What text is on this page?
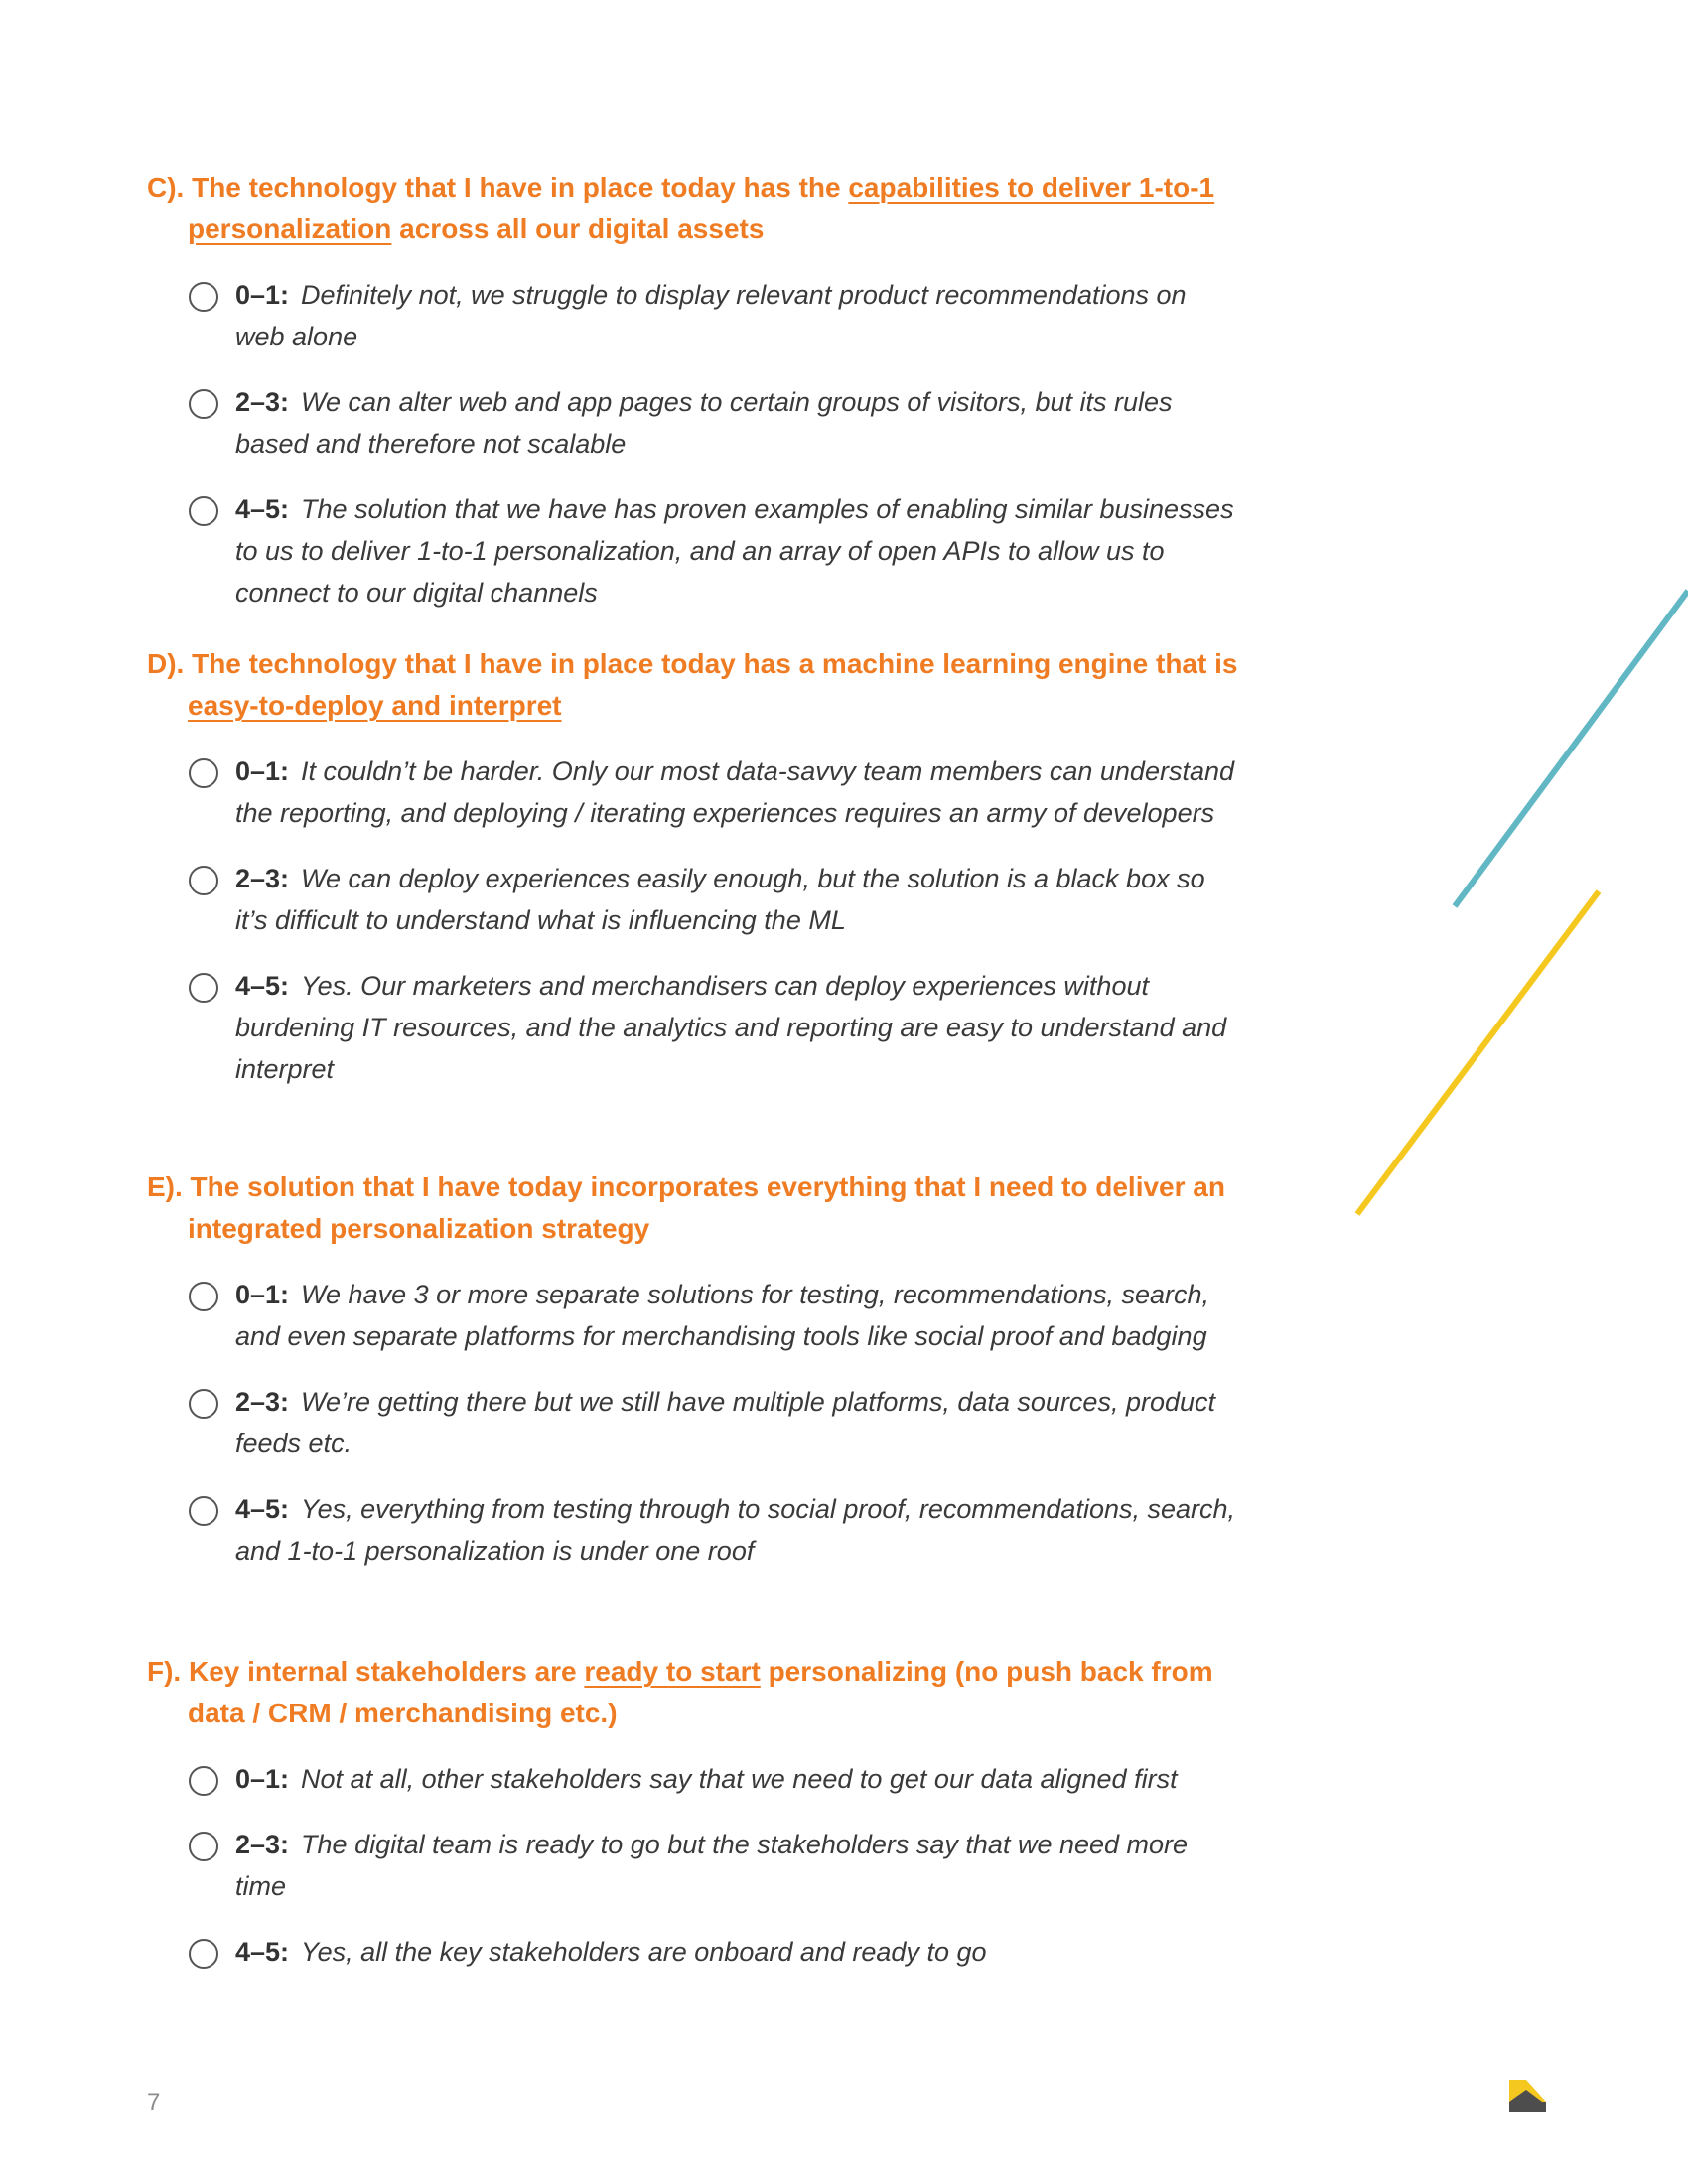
C). The technology that I have in place today has the capabilities to deliver 1-to-1 personalization across all our digital assets
0–1: Definitely not, we struggle to display relevant product recommendations on web alone
2–3: We can alter web and app pages to certain groups of visitors, but its rules based and therefore not scalable
4–5: The solution that we have has proven examples of enabling similar businesses to us to deliver 1-to-1 personalization, and an array of open APIs to allow us to connect to our digital channels
D). The technology that I have in place today has a machine learning engine that is easy-to-deploy and interpret
0–1: It couldn’t be harder. Only our most data-savvy team members can understand the reporting, and deploying / iterating experiences requires an army of developers
2–3: We can deploy experiences easily enough, but the solution is a black box so it’s difficult to understand what is influencing the ML
4–5: Yes. Our marketers and merchandisers can deploy experiences without burdening IT resources, and the analytics and reporting are easy to understand and interpret
E). The solution that I have today incorporates everything that I need to deliver an integrated personalization strategy
0–1: We have 3 or more separate solutions for testing, recommendations, search, and even separate platforms for merchandising tools like social proof and badging
2–3: We’re getting there but we still have multiple platforms, data sources, product feeds etc.
4–5: Yes, everything from testing through to social proof, recommendations, search, and 1-to-1 personalization is under one roof
F). Key internal stakeholders are ready to start personalizing (no push back from data / CRM / merchandising etc.)
0–1: Not at all, other stakeholders say that we need to get our data aligned first
2–3: The digital team is ready to go but the stakeholders say that we need more time
4–5: Yes, all the key stakeholders are onboard and ready to go
7
